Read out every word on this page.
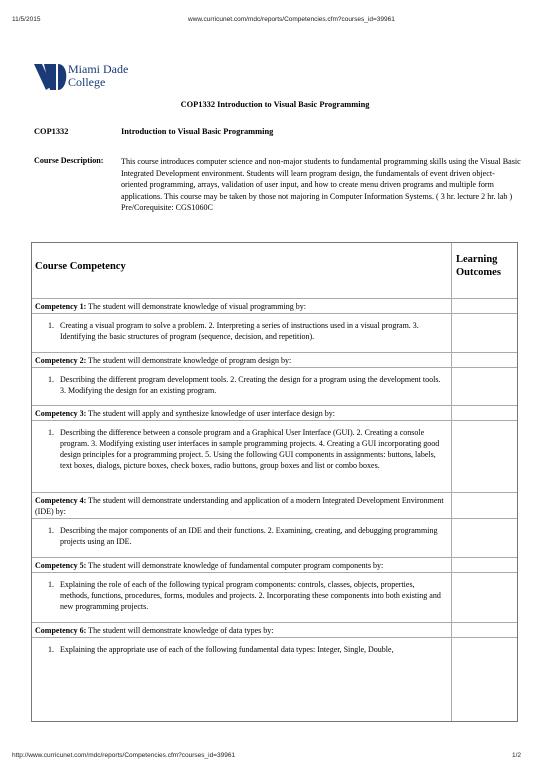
11/5/2015	www.curricunet.com/mdc/reports/Competencies.cfm?courses_id=39961
Miami Dade
College
COP1332 Introduction to Visual Basic Programming
COP1332	Introduction to Visual Basic Programming
Course Description: This course introduces computer science and non-major students to fundamental programming skills using the Visual Basic Integrated Development environment. Students will learn program design, the fundamentals of event driven object-oriented programming, arrays, validation of user input, and how to create menu driven programs and multiple form applications. This course may be taken by those not majoring in Computer Information Systems. ( 3 hr. lecture 2 hr. lab )
Pre/Corequisite: CGS1060C
Course Competency
Learning
Outcomes
Competency 1: The student will demonstrate knowledge of visual programming by:
1. Creating a visual program to solve a problem. 2. Interpreting a series of instructions used in a visual program. 3. Identifying the basic structures of program (sequence, decision, and repetition).
Competency 2: The student will demonstrate knowledge of program design by:
1. Describing the different program development tools. 2. Creating the design for a program using the development tools. 3. Modifying the design for an existing program.
Competency 3: The student will apply and synthesize knowledge of user interface design by:
1. Describing the difference between a console program and a Graphical User Interface (GUI). 2. Creating a console program. 3. Modifying existing user interfaces in sample programming projects. 4. Creating a GUI incorporating good design principles for a programming project. 5. Using the following GUI components in assignments: buttons, labels, text boxes, dialogs, picture boxes, check boxes, radio buttons, group boxes and list or combo boxes.
Competency 4: The student will demonstrate understanding and application of a modern Integrated Development Environment (IDE) by:
1. Describing the major components of an IDE and their functions. 2. Examining, creating, and debugging programming projects using an IDE.
Competency 5: The student will demonstrate knowledge of fundamental computer program components by:
1. Explaining the role of each of the following typical program components: controls, classes, objects, properties, methods, functions, procedures, forms, modules and projects. 2. Incorporating these components into both existing and new programming projects.
Competency 6: The student will demonstrate knowledge of data types by:
1. Explaining the appropriate use of each of the following fundamental data types: Integer, Single, Double,
http://www.curricunet.com/mdc/reports/Competencies.cfm?courses_id=39961	1/2
